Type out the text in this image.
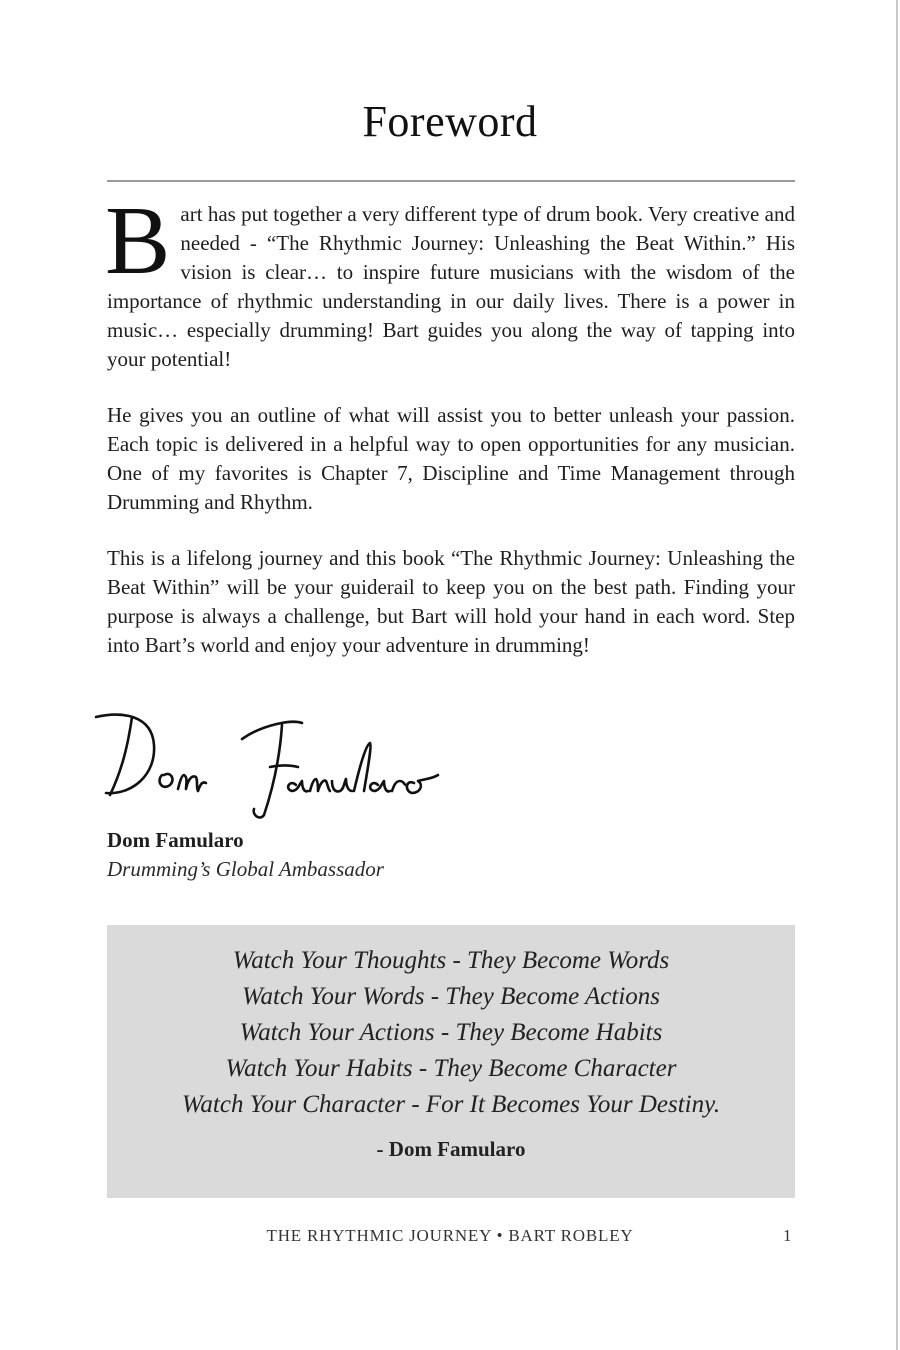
Foreword

Bart has put together a very different type of drum book. Very creative and needed - “The Rhythmic Journey: Unleashing the Beat Within.” His vision is clear… to inspire future musicians with the wisdom of the importance of rhythmic understanding in our daily lives. There is a power in music… especially drumming! Bart guides you along the way of tapping into your potential!

He gives you an outline of what will assist you to better unleash your passion. Each topic is delivered in a helpful way to open opportunities for any musician. One of my favorites is Chapter 7, Discipline and Time Management through Drumming and Rhythm.

This is a lifelong journey and this book “The Rhythmic Journey: Unleashing the Beat Within” will be your guiderail to keep you on the best path. Finding your purpose is always a challenge, but Bart will hold your hand in each word. Step into Bart’s world and enjoy your adventure in drumming!

Dom Famularo
Drumming’s Global Ambassador
Watch Your Thoughts - They Become Words
Watch Your Words - They Become Actions
Watch Your Actions - They Become Habits
Watch Your Habits - They Become Character
Watch Your Character - For It Becomes Your Destiny.
- Dom Famularo
THE RHYTHMIC JOURNEY • BART ROBLEY	1
